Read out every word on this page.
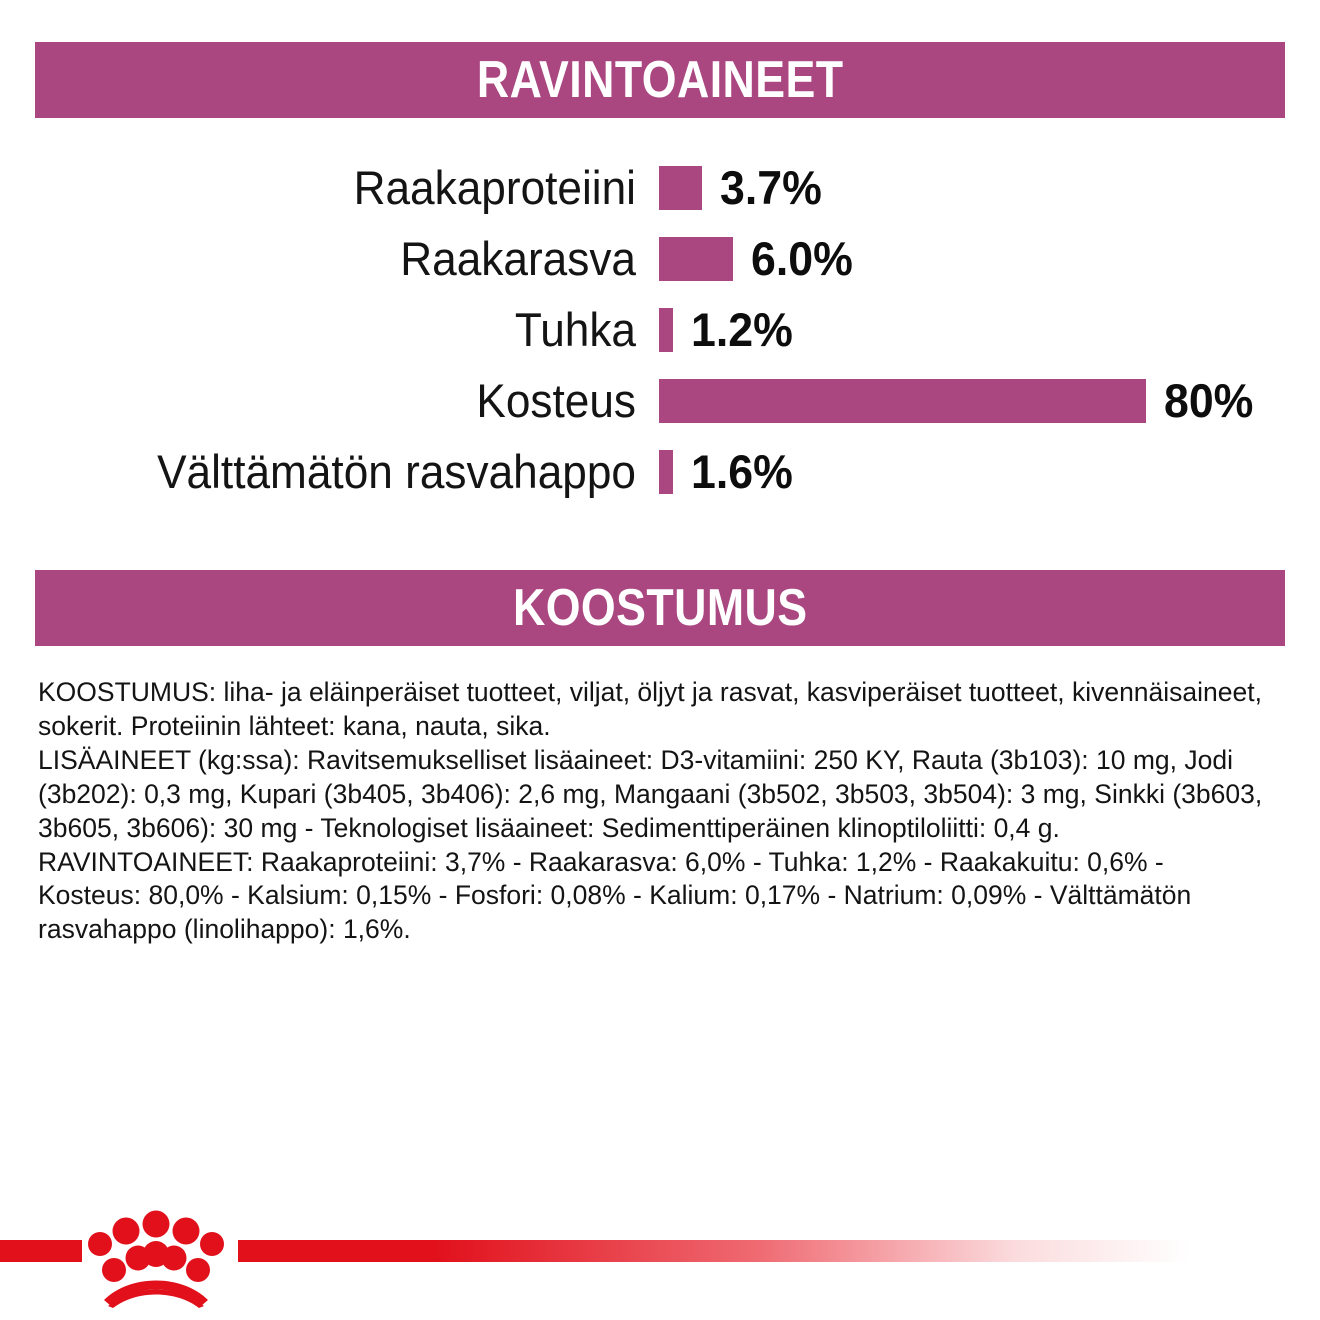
RAVINTOAINEET
Raakaproteiini 3.7%
Raakarasva 6.0%
Tuhka 1.2%
Kosteus	80%
Välttämätön rasvahappo 1.6%
KOOSTUMUS

KOOSTUMUS: liha- ja eläinperäiset tuotteet, viljat, öljyt ja rasvat, kasviperäiset tuotteet, kivennäisaineet, sokerit. Proteiinin lähteet: kana, nauta, sika.

LISÄAINEET (kg:ssa): Ravitsemukselliset lisäaineet: D3-vitamiini: 250 KY, Rauta (3b103): 10 mg, Jodi (3b202): 0,3 mg, Kupari (3b405, 3b406): 2,6 mg, Mangaani (3b502, 3b503, 3b504): 3 mg, Sinkki (3b603, 3b605, 3b606): 30 mg - Teknologiset lisäaineet: Sedimenttiperäinen klinoptiloliitti: 0,4 g.

RAVINTOAINEET: Raakaproteiini: 3,7% - Raakarasva: 6,0% - Tuhka: 1,2% - Raakakuitu: 0,6% - Kosteus: 80,0% - Kalsium: 0,15% - Fosfori: 0,08% - Kalium: 0,17% - Natrium: 0,09% - Välttämätön rasvahappo (linolihappo): 1,6%.
